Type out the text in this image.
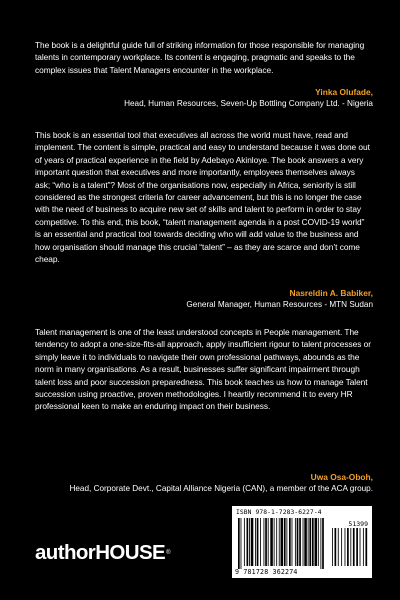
The book is a delightful guide full of striking information for those responsible for managing talents in contemporary workplace. Its content is engaging, pragmatic and speaks to the complex issues that Talent Managers encounter in the workplace.

Yinka Olufade,
Head, Human Resources, Seven-Up Bottling Company Ltd. - Nigeria

This book is an essential tool that executives all across the world must have, read and implement. The content is simple, practical and easy to understand because it was done out of years of practical experience in the field by Adebayo Akinloye. The book answers a very important question that executives and more importantly, employees themselves always ask; “who is a talent”? Most of the organisations now, especially in Africa, seniority is still considered as the strongest criteria for career advancement, but this is no longer the case with the need of business to acquire new set of skills and talent to perform in order to stay competitive. To this end, this book, “talent management agenda in a post COVID-19 world” is an essential and practical tool towards deciding who will add value to the business and how organisation should manage this crucial “talent” – as they are scarce and don’t come cheap.

Nasreldin A. Babiker,
General Manager, Human Resources - MTN Sudan

Talent management is one of the least understood concepts in People management. The tendency to adopt a one-size-fits-all approach, apply insufficient rigour to talent processes or simply leave it to individuals to navigate their own professional pathways, abounds as the norm in many organisations. As a result, businesses suffer significant impairment through talent loss and poor succession preparedness. This book teaches us how to manage Talent succession using proactive, proven methodologies. I heartily recommend it to every HR professional keen to make an enduring impact on their business.

Uwa Osa-Oboh,
Head, Corporate Devt., Capital Alliance Nigeria (CAN), a member of the ACA group.
authorHOUSE®
ISBN 978-1-7283-6227-4
51399
9 781728 362274
